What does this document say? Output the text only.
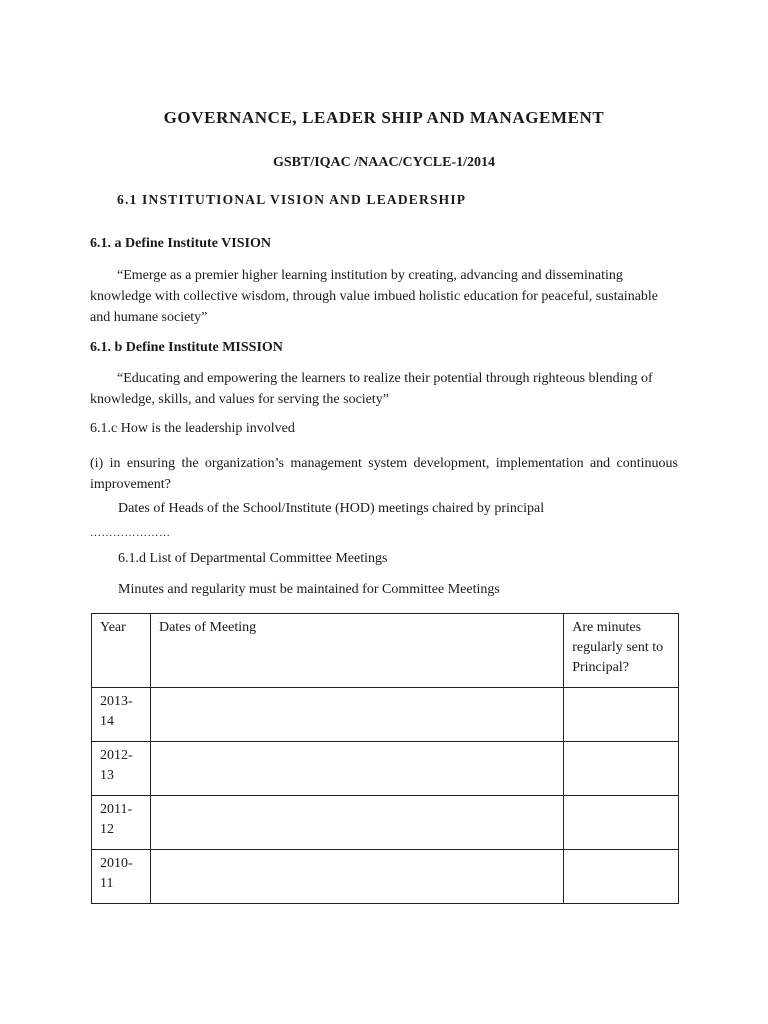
GOVERNANCE, LEADER SHIP AND MANAGEMENT
GSBT/IQAC /NAAC/CYCLE-1/2014
6.1 INSTITUTIONAL VISION AND LEADERSHIP
6.1. a Define Institute VISION
“Emerge as a premier higher learning institution by creating, advancing and disseminating knowledge with collective wisdom, through value imbued holistic education for peaceful, sustainable and humane society”
6.1. b Define Institute MISSION
“Educating and empowering the learners to realize their potential through righteous blending of knowledge, skills, and values for serving the society”
6.1.c How is the leadership involved
(i) in ensuring the organization’s management system development, implementation and continuous improvement?
Dates of Heads of the School/Institute (HOD) meetings chaired by principal
…………………
6.1.d List of Departmental Committee Meetings
Minutes and regularity must be maintained for Committee Meetings
Year	Dates of Meeting	Are minutes regularly sent to Principal?
2013-14		
2012-13		
2011-12		
2010-11		
